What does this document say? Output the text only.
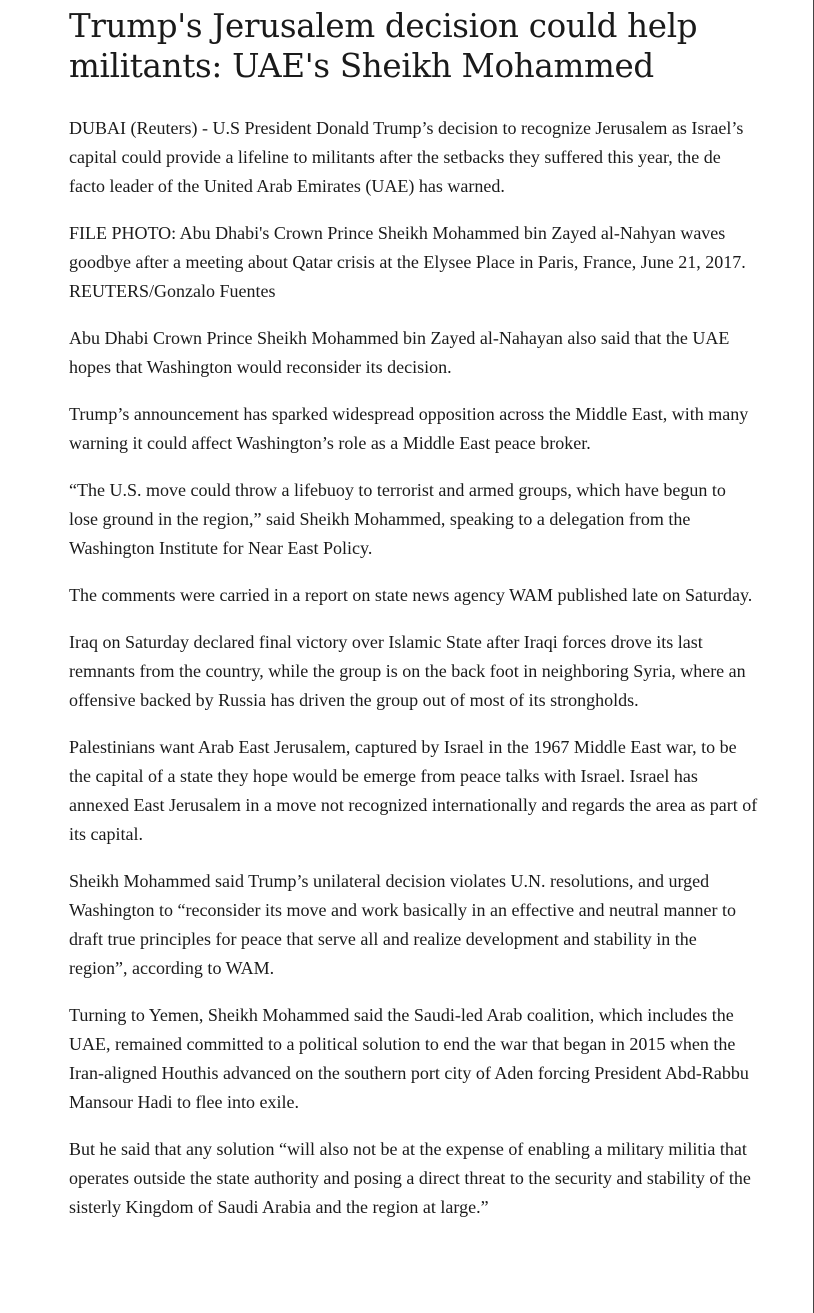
Trump's Jerusalem decision could help militants: UAE's Sheikh Mohammed

DUBAI (Reuters) - U.S President Donald Trump’s decision to recognize Jerusalem as Israel’s capital could provide a lifeline to militants after the setbacks they suffered this year, the de facto leader of the United Arab Emirates (UAE) has warned.

FILE PHOTO: Abu Dhabi's Crown Prince Sheikh Mohammed bin Zayed al-Nahyan waves goodbye after a meeting about Qatar crisis at the Elysee Place in Paris, France, June 21, 2017. REUTERS/Gonzalo Fuentes

Abu Dhabi Crown Prince Sheikh Mohammed bin Zayed al-Nahayan also said that the UAE hopes that Washington would reconsider its decision.

Trump’s announcement has sparked widespread opposition across the Middle East, with many warning it could affect Washington’s role as a Middle East peace broker.

“The U.S. move could throw a lifebuoy to terrorist and armed groups, which have begun to lose ground in the region,” said Sheikh Mohammed, speaking to a delegation from the Washington Institute for Near East Policy.

The comments were carried in a report on state news agency WAM published late on Saturday.

Iraq on Saturday declared final victory over Islamic State after Iraqi forces drove its last remnants from the country, while the group is on the back foot in neighboring Syria, where an offensive backed by Russia has driven the group out of most of its strongholds.

Palestinians want Arab East Jerusalem, captured by Israel in the 1967 Middle East war, to be the capital of a state they hope would be emerge from peace talks with Israel. Israel has annexed East Jerusalem in a move not recognized internationally and regards the area as part of its capital.

Sheikh Mohammed said Trump’s unilateral decision violates U.N. resolutions, and urged Washington to “reconsider its move and work basically in an effective and neutral manner to draft true principles for peace that serve all and realize development and stability in the region”, according to WAM.

Turning to Yemen, Sheikh Mohammed said the Saudi-led Arab coalition, which includes the UAE, remained committed to a political solution to end the war that began in 2015 when the Iran-aligned Houthis advanced on the southern port city of Aden forcing President Abd-Rabbu Mansour Hadi to flee into exile.

But he said that any solution “will also not be at the expense of enabling a military militia that operates outside the state authority and posing a direct threat to the security and stability of the sisterly Kingdom of Saudi Arabia and the region at large.”
